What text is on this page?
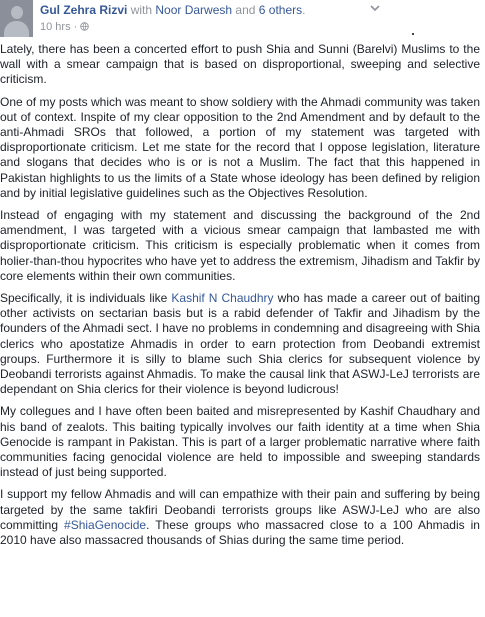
Gul Zehra Rizvi with Noor Darwesh and 6 others.
10 hrs ·

Lately, there has been a concerted effort to push Shia and Sunni (Barelvi) Muslims to the wall with a smear campaign that is based on disproportional, sweeping and selective criticism.

One of my posts which was meant to show soldiery with the Ahmadi community was taken out of context. Inspite of my clear opposition to the 2nd Amendment and by default to the anti-Ahmadi SROs that followed, a portion of my statement was targeted with disproportionate criticism. Let me state for the record that I oppose legislation, literature and slogans that decides who is or is not a Muslim. The fact that this happened in Pakistan highlights to us the limits of a State whose ideology has been defined by religion and by initial legislative guidelines such as the Objectives Resolution.

Instead of engaging with my statement and discussing the background of the 2nd amendment, I was targeted with a vicious smear campaign that lambasted me with disproportionate criticism. This criticism is especially problematic when it comes from holier-than-thou hypocrites who have yet to address the extremism, Jihadism and Takfir by core elements within their own communities.

Specifically, it is individuals like Kashif N Chaudhry who has made a career out of baiting other activists on sectarian basis but is a rabid defender of Takfir and Jihadism by the founders of the Ahmadi sect. I have no problems in condemning and disagreeing with Shia clerics who apostatize Ahmadis in order to earn protection from Deobandi extremist groups. Furthermore it is silly to blame such Shia clerics for subsequent violence by Deobandi terrorists against Ahmadis. To make the causal link that ASWJ-LeJ terrorists are dependant on Shia clerics for their violence is beyond ludicrous!

My collegues and I have often been baited and misrepresented by Kashif Chaudhary and his band of zealots. This baiting typically involves our faith identity at a time when Shia Genocide is rampant in Pakistan. This is part of a larger problematic narrative where faith communities facing genocidal violence are held to impossible and sweeping standards instead of just being supported.

I support my fellow Ahmadis and will can empathize with their pain and suffering by being targeted by the same takfiri Deobandi terrorists groups like ASWJ-LeJ who are also committing #ShiaGenocide. These groups who massacred close to a 100 Ahmadis in 2010 have also massacred thousands of Shias during the same time period.
